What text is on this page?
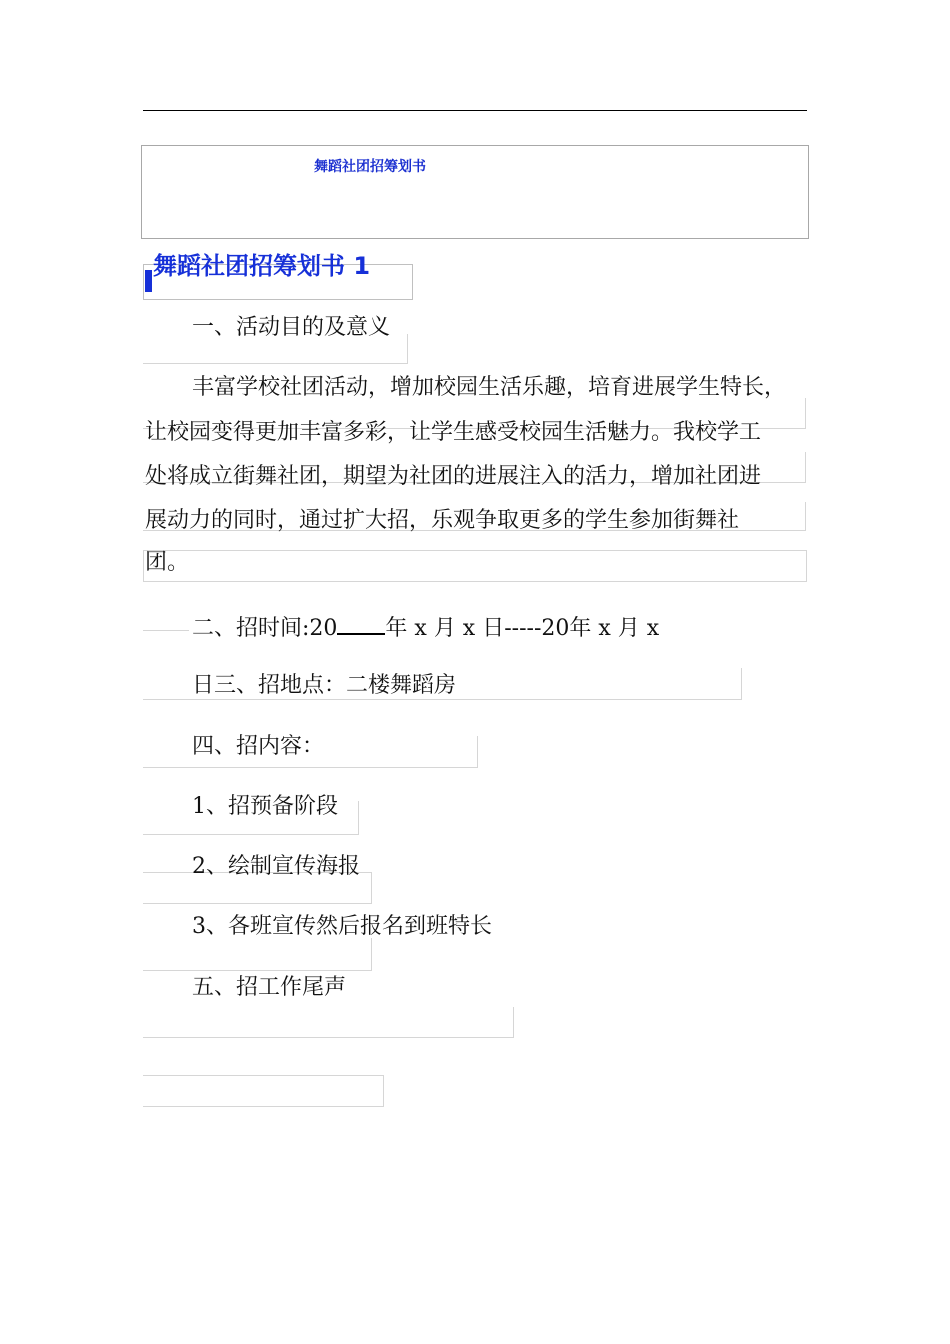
舞蹈社团招筹划书
舞蹈社团招筹划书 1
一、活动目的及意义
丰富学校社团活动，增加校园生活乐趣，培育进展学生特长，
让校园变得更加丰富多彩，让学生感受校园生活魅力。我校学工
处将成立街舞社团，期望为社团的进展注入的活力，增加社团进
展动力的同时，通过扩大招，乐观争取更多的学生参加街舞社
团。
二、招时间:20 年 x 月 x 日-----20年 x 月 x
日三、招地点：二楼舞蹈房
四、招内容：
1、招预备阶段
2、绘制宣传海报
3、各班宣传然后报名到班特长
五、招工作尾声
